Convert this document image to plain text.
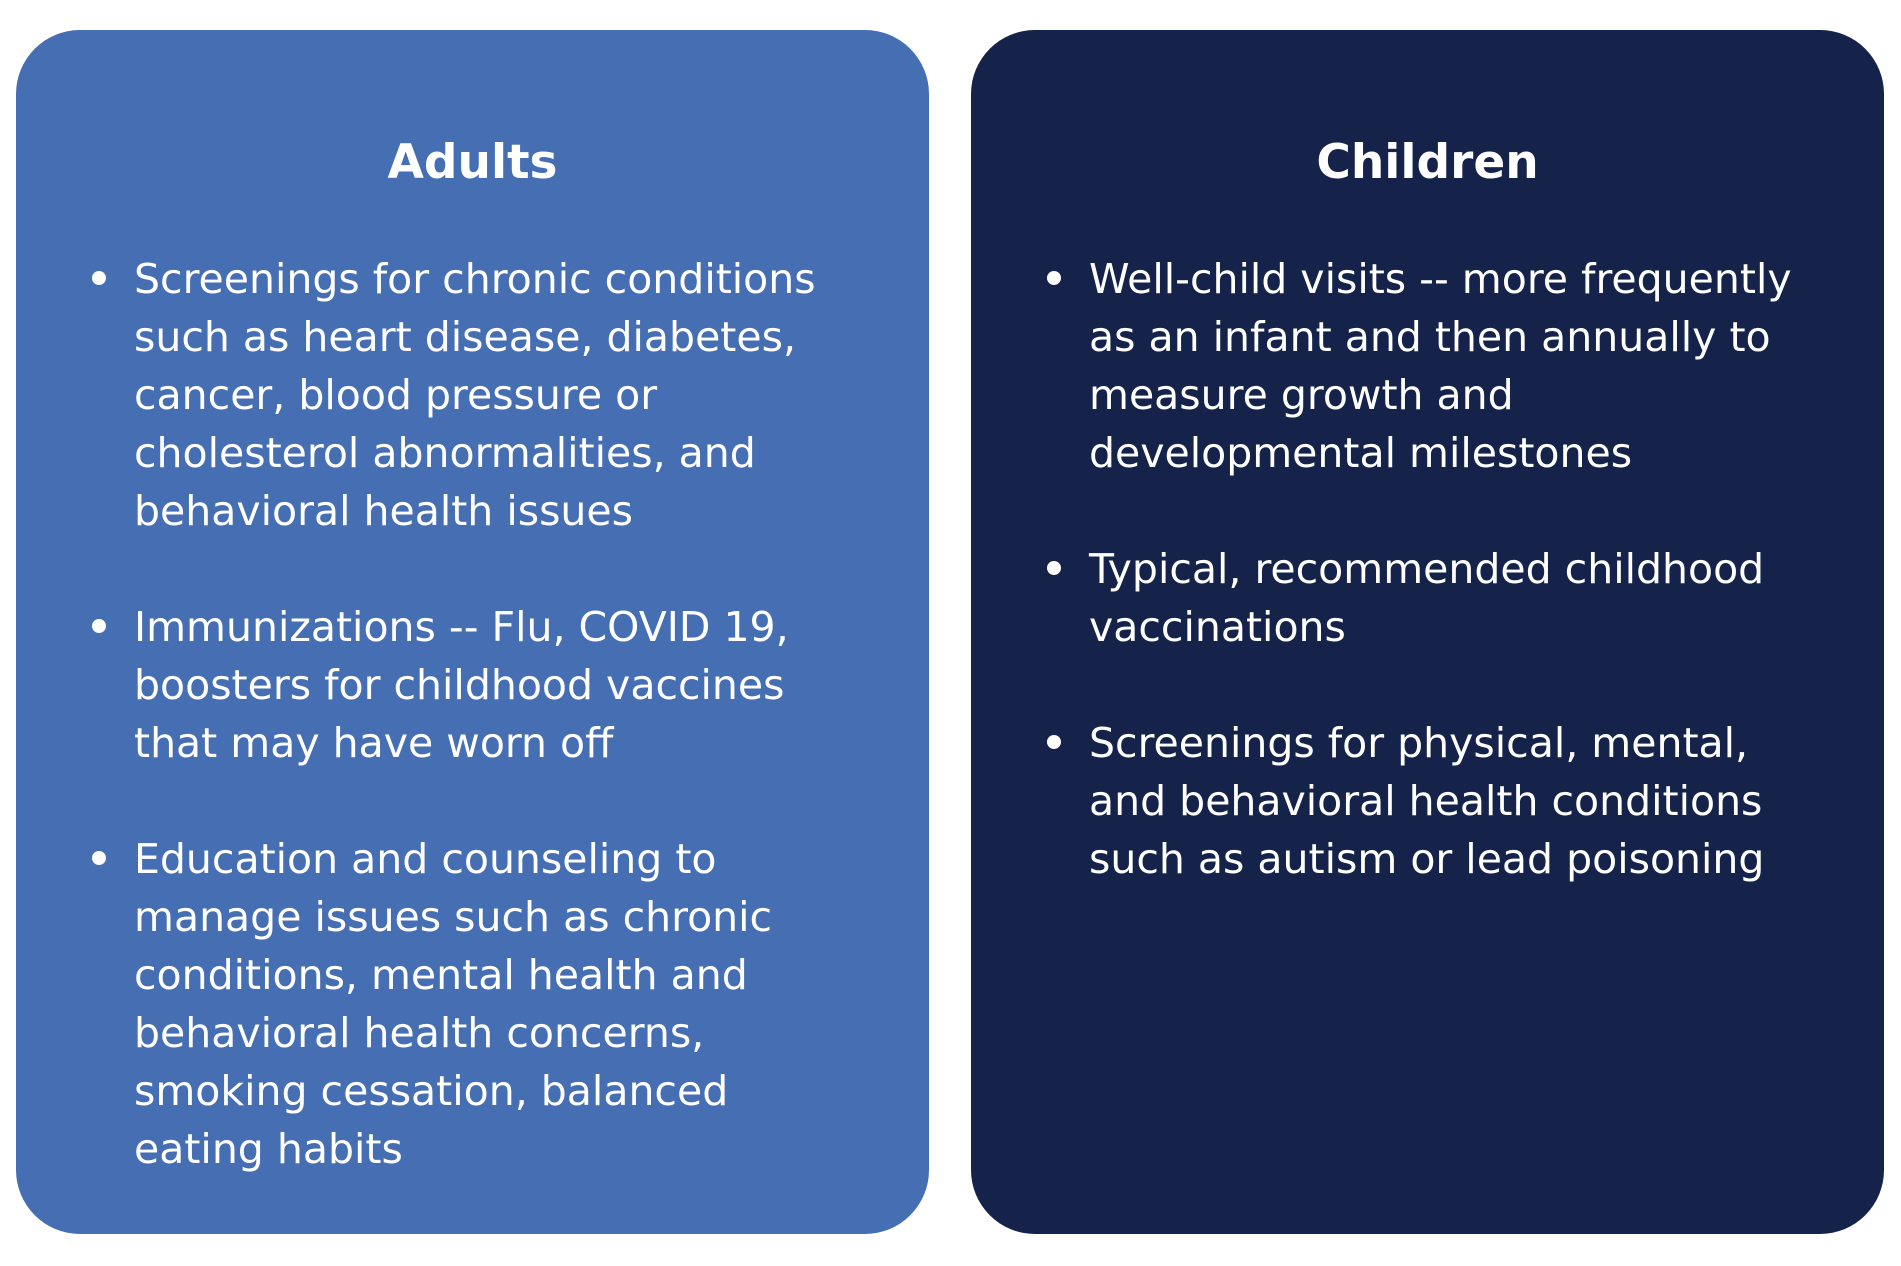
Adults
Screenings for chronic conditions
such as heart disease, diabetes,
cancer, blood pressure or
cholesterol abnormalities, and
behavioral health issues
Immunizations -- Flu, COVID 19,
boosters for childhood vaccines
that may have worn off
Education and counseling to
manage issues such as chronic
conditions, mental health and
behavioral health concerns,
smoking cessation, balanced
eating habits
Children
Well-child visits -- more frequently
as an infant and then annually to
measure growth and
developmental milestones
Typical, recommended childhood
vaccinations
Screenings for physical, mental,
and behavioral health conditions
such as autism or lead poisoning
